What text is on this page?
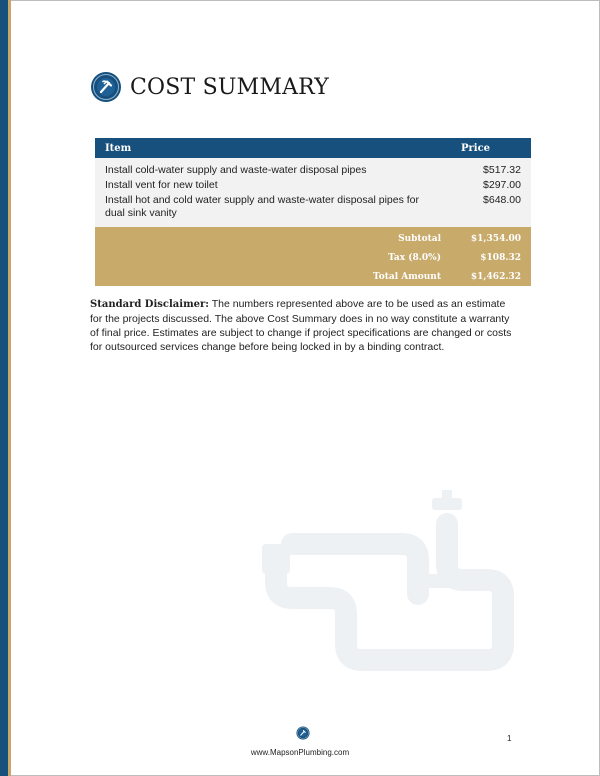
COST SUMMARY
Item	Price
Install cold-water supply and waste-water disposal pipes	$517.32
Install vent for new toilet	$297.00
Install hot and cold water supply and waste-water disposal pipes for dual sink vanity	$648.00
Subtotal	$1,354.00
Tax (8.0%)	$108.32
Total Amount	$1,462.32

Standard Disclaimer: The numbers represented above are to be used as an estimate for the projects discussed. The above Cost Summary does in no way constitute a warranty of final price. Estimates are subject to change if project specifications are changed or costs for outsourced services change before being locked in by a binding contract.

www.MapsonPlumbing.com
1
